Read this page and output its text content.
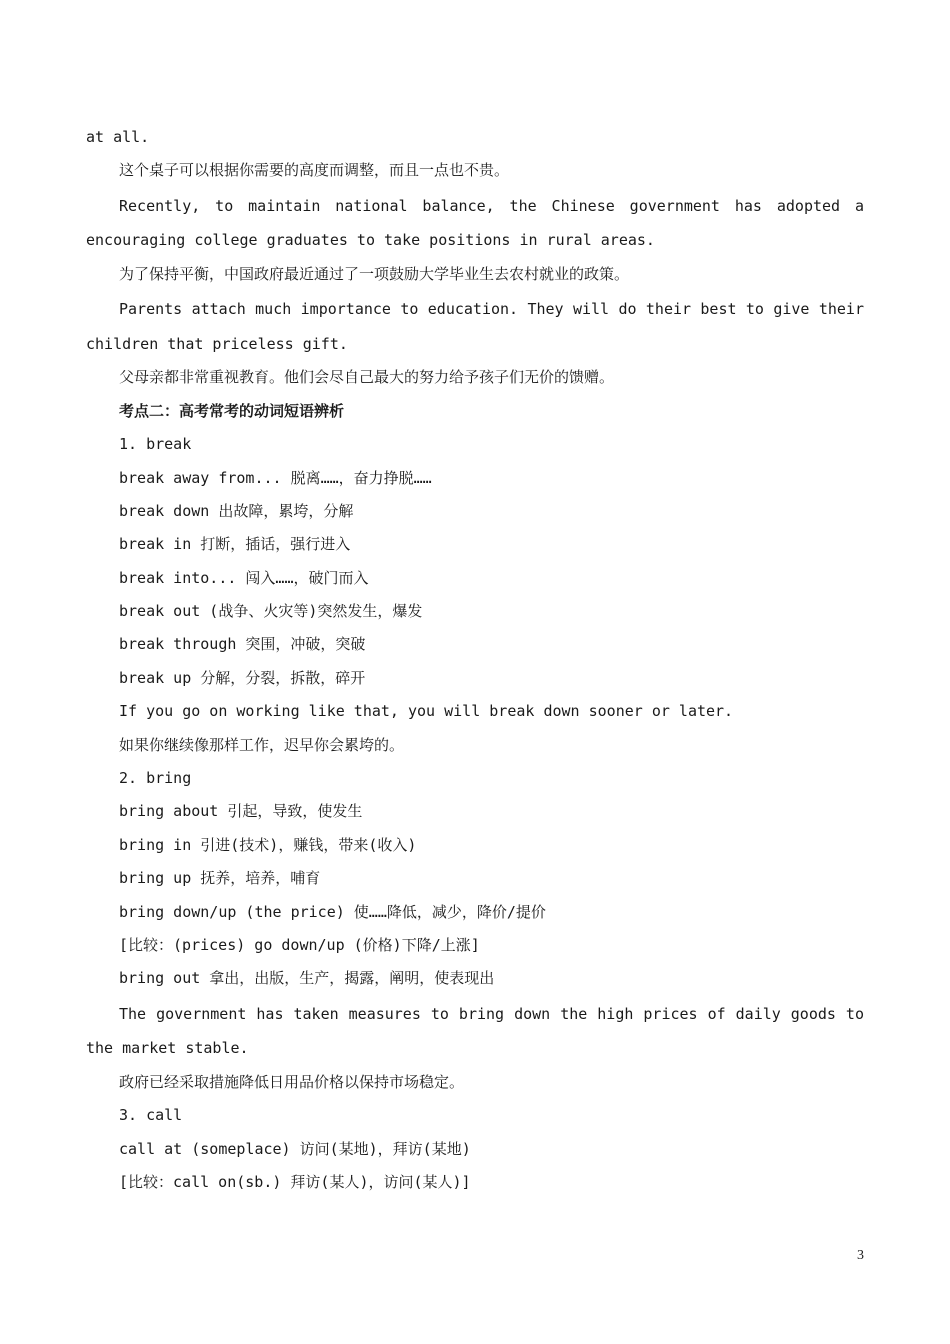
at all.
这个桌子可以根据你需要的高度而调整，而且一点也不贵。
Recently, to maintain national balance, the Chinese government has adopted a
encouraging college graduates to take positions in rural areas.
为了保持平衡，中国政府最近通过了一项鼓励大学毕业生去农村就业的政策。
Parents attach much importance to education. They will do their best to give their
children that priceless gift.
父母亲都非常重视教育。他们会尽自己最大的努力给予孩子们无价的馈赠。
考点二：高考常考的动词短语辨析
1. break
break away from... 脱离……，奋力挣脱……
break down 出故障，累垮，分解
break in 打断，插话，强行进入
break into... 闯入……，破门而入
break out (战争、火灾等)突然发生，爆发
break through 突围，冲破，突破
break up 分解，分裂，拆散，碎开
If you go on working like that, you will break down sooner or later.
如果你继续像那样工作，迟早你会累垮的。
2. bring
bring about 引起，导致，使发生
bring in 引进(技术)，赚钱，带来(收入)
bring up 抚养，培养，哺育
bring down/up (the price) 使……降低，减少，降价/提价
[比较：(prices) go down/up (价格)下降/上涨]
bring out 拿出，出版，生产，揭露，阐明，使表现出
The government has taken measures to bring down the high prices of daily goods to
the market stable.
政府已经采取措施降低日用品价格以保持市场稳定。
3. call
call at (someplace) 访问(某地)，拜访(某地)
[比较：call on(sb.) 拜访(某人)，访问(某人)]
3
